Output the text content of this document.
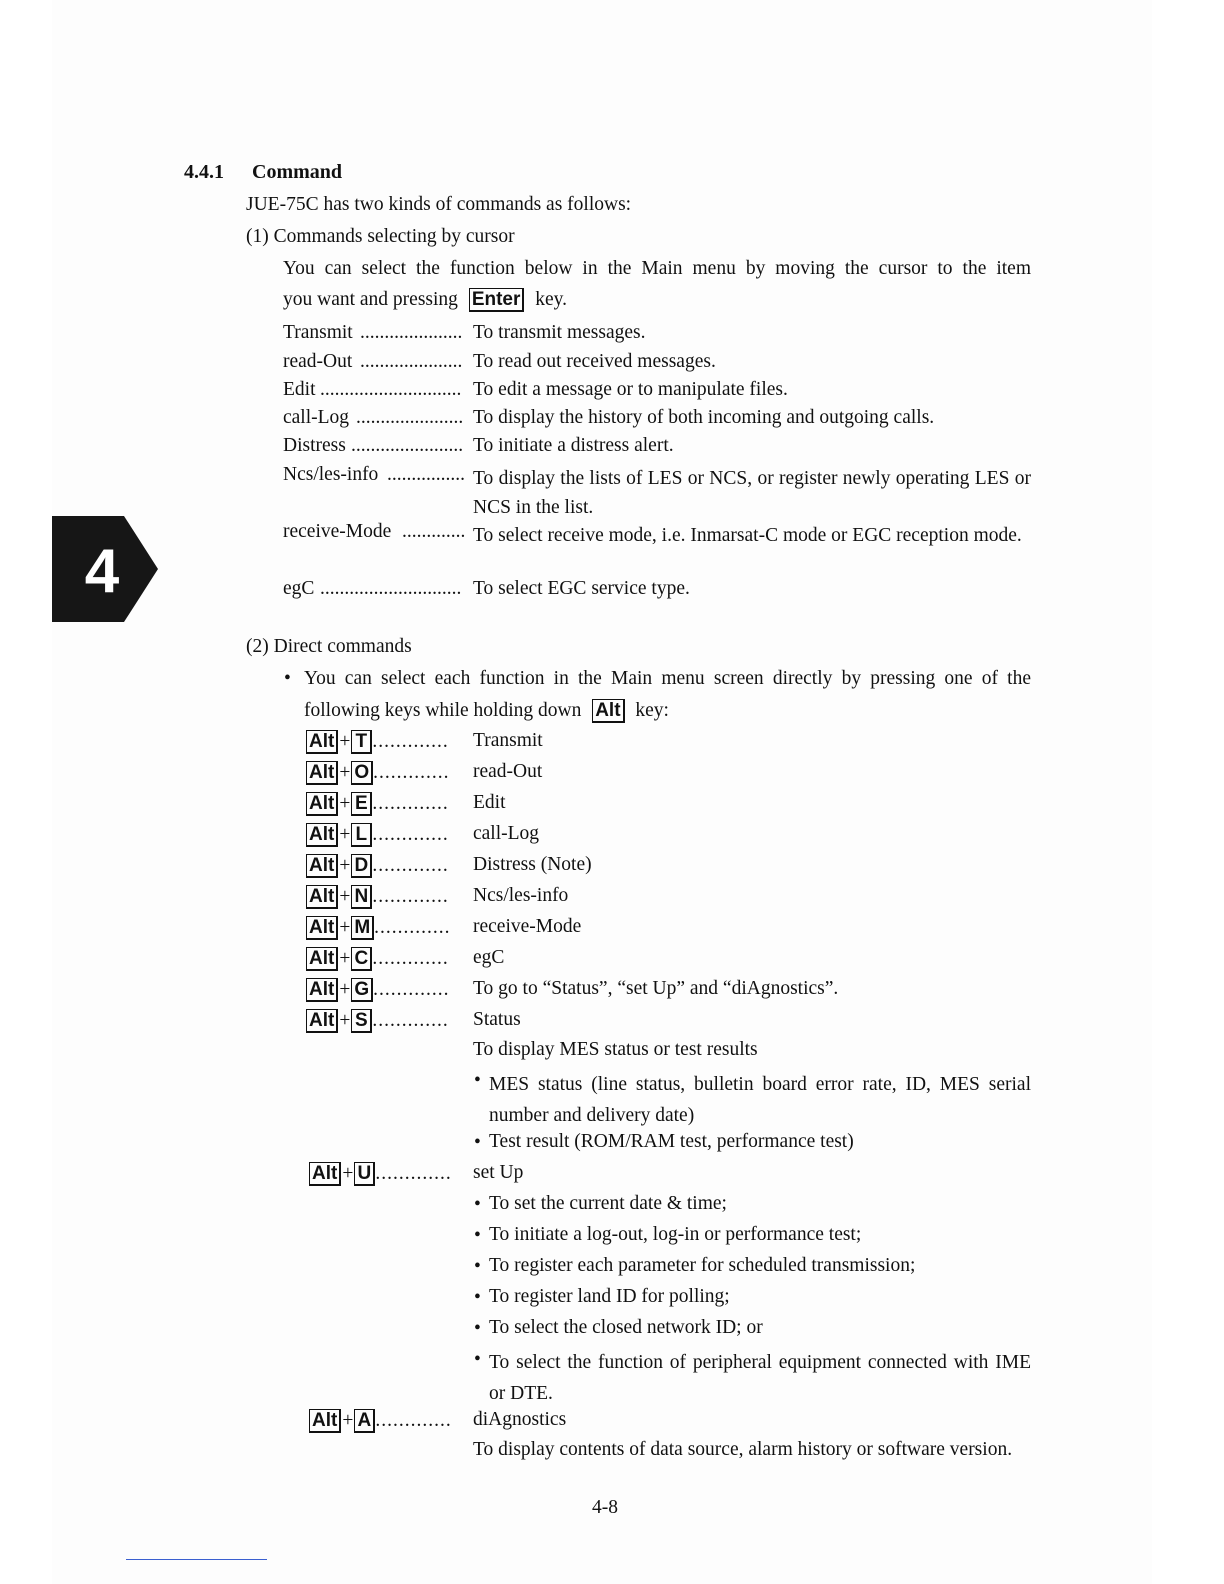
4
4.4.1 Command
JUE-75C has two kinds of commands as follows:
(1) Commands selecting by cursor
You can select the function below in the Main menu by moving the cursor to the item
you want and pressing Enter key.
Transmit ..................... To transmit messages.
read-Out ..................... To read out received messages.
Edit ............................. To edit a message or to manipulate files.
call-Log ...................... To display the history of both incoming and outgoing calls.
Distress ....................... To initiate a distress alert.
Ncs/les-info ................ To display the lists of LES or NCS, or register newly operating LES or NCS in the list.
receive-Mode ............. To select receive mode, i.e. Inmarsat-C mode or EGC reception mode.
egC ............................. To select EGC service type.
(2) Direct commands
• You can select each function in the Main menu screen directly by pressing one of the
following keys while holding down Alt key:
Alt + T ............. Transmit
Alt + O ............. read-Out
Alt + E ............. Edit
Alt + L ............. call-Log
Alt + D ............. Distress (Note)
Alt + N ............. Ncs/les-info
Alt + M ............. receive-Mode
Alt + C ............. egC
Alt + G ............. To go to “Status”, “set Up” and “diAgnostics”.
Alt + S ............. Status
To display MES status or test results
• MES status (line status, bulletin board error rate, ID, MES serial number and delivery date)
• Test result (ROM/RAM test, performance test)
Alt + U ............. set Up
• To set the current date & time;
• To initiate a log-out, log-in or performance test;
• To register each parameter for scheduled transmission;
• To register land ID for polling;
• To select the closed network ID; or
• To select the function of peripheral equipment connected with IME or DTE.
Alt + A ............. diAgnostics
To display contents of data source, alarm history or software version.
4-8
